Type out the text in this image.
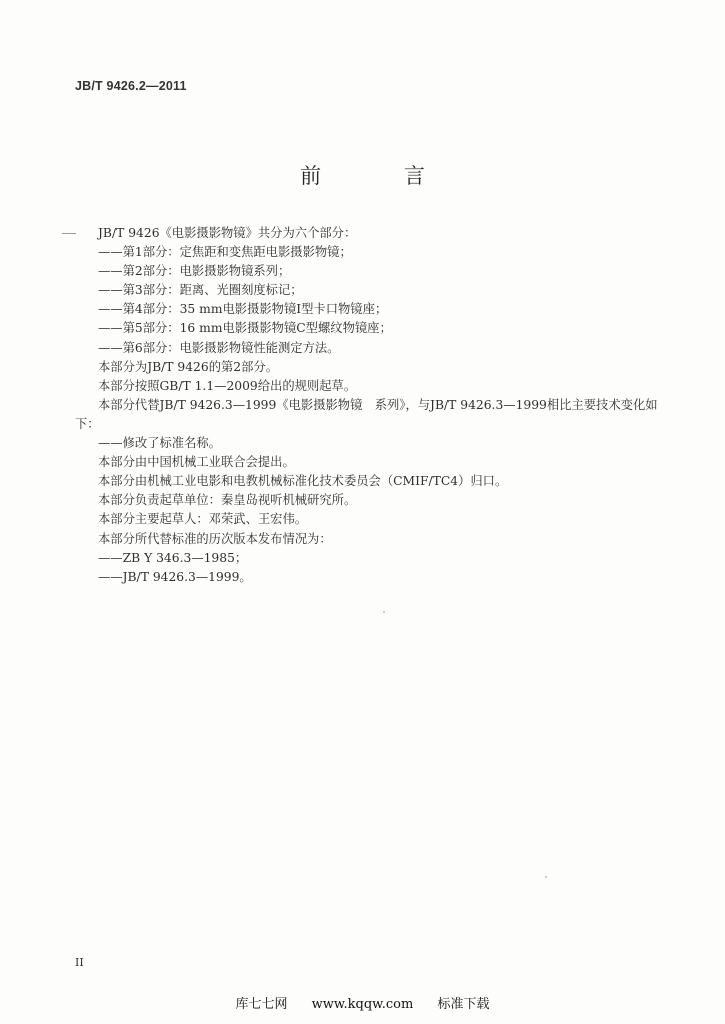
JB/T 9426.2—2011
前 言
JB/T 9426《电影摄影物镜》共分为六个部分：
——第1部分：定焦距和变焦距电影摄影物镜；
——第2部分：电影摄影物镜系列；
——第3部分：距离、光圈刻度标记；
——第4部分：35 mm电影摄影物镜Ⅰ型卡口物镜座；
——第5部分：16 mm电影摄影物镜C型螺纹物镜座；
——第6部分：电影摄影物镜性能测定方法。
本部分为JB/T 9426的第2部分。
本部分按照GB/T 1.1—2009给出的规则起草。
本部分代替JB/T 9426.3—1999《电影摄影物镜　系列》，与JB/T 9426.3—1999相比主要技术变化如
下：
——修改了标准名称。
本部分由中国机械工业联合会提出。
本部分由机械工业电影和电教机械标准化技术委员会（CMIF/TC4）归口。
本部分负责起草单位：秦皇岛视听机械研究所。
本部分主要起草人：邓荣武、王宏伟。
本部分所代替标准的历次版本发布情况为：
——ZB Y 346.3—1985；
——JB/T 9426.3—1999。
II
库七七网 www.kqqw.com 标准下载
